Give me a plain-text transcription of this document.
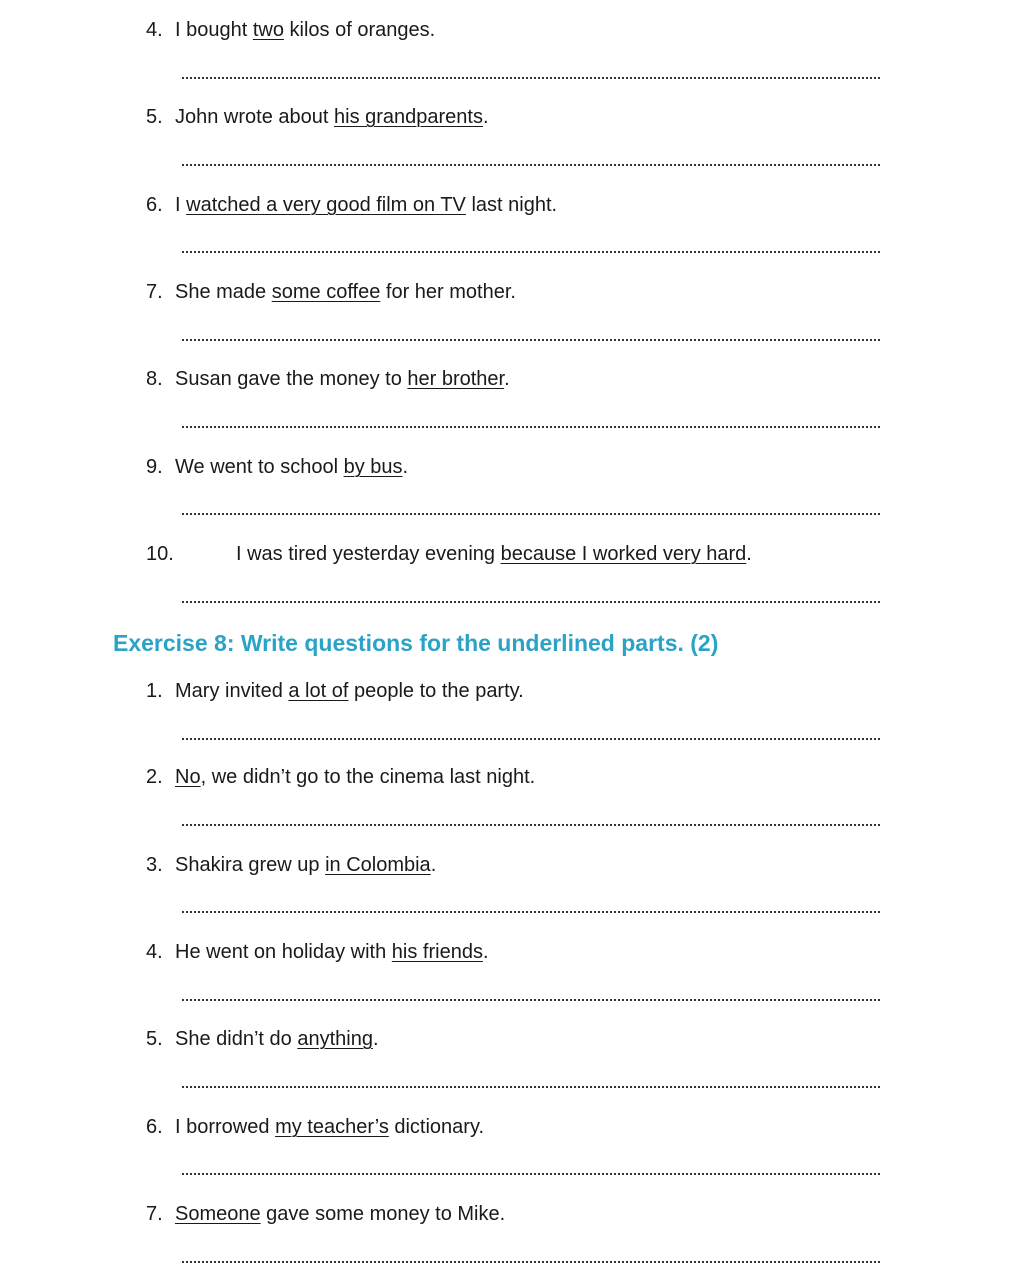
4. I bought two kilos of oranges.
5. John wrote about his grandparents.
6. I watched a very good film on TV last night.
7. She made some coffee for her mother.
8. Susan gave the money to her brother.
9. We went to school by bus.
10.	I was tired yesterday evening because I worked very hard.
Exercise 8: Write questions for the underlined parts. (2)
1. Mary invited a lot of people to the party.
2. No, we didn’t go to the cinema last night.
3. Shakira grew up in Colombia.
4. He went on holiday with his friends.
5. She didn’t do anything.
6. I borrowed my teacher’s dictionary.
7. Someone gave some money to Mike.
